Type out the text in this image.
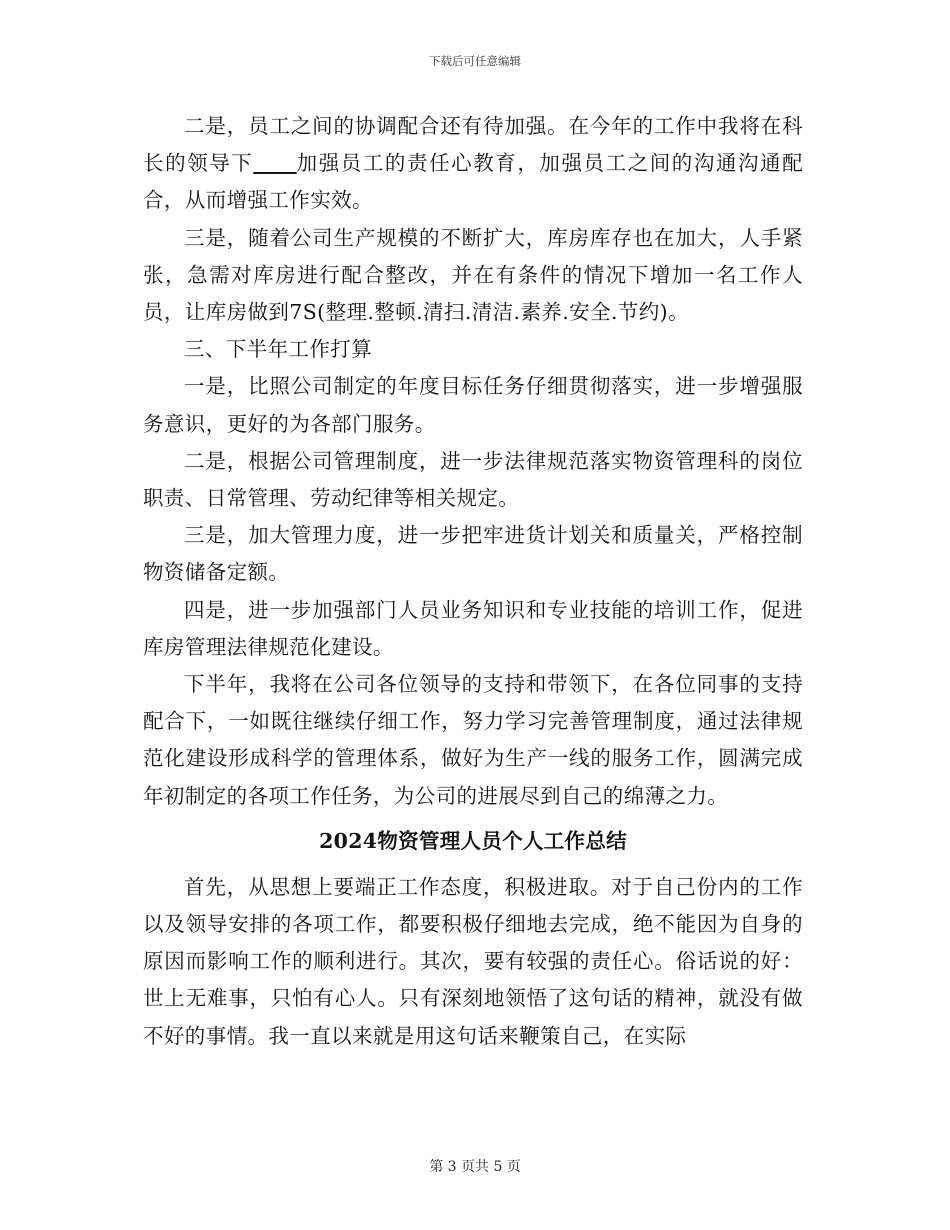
下载后可任意编辑

二是，员工之间的协调配合还有待加强。在今年的工作中我将在科长的领导下　　 加强员工的责任心教育，加强员工之间的沟通沟通配合，从而增强工作实效。

三是，随着公司生产规模的不断扩大，库房库存也在加大，人手紧张，急需对库房进行配合整改，并在有条件的情况下增加一名工作人员，让库房做到7S(整理.整顿.清扫.清洁.素养.安全.节约)。

三、下半年工作打算

一是，比照公司制定的年度目标任务仔细贯彻落实，进一步增强服务意识，更好的为各部门服务。

二是，根据公司管理制度，进一步法律规范落实物资管理科的岗位职责、日常管理、劳动纪律等相关规定。

三是，加大管理力度，进一步把牢进货计划关和质量关，严格控制物资储备定额。

四是，进一步加强部门人员业务知识和专业技能的培训工作，促进库房管理法律规范化建设。

下半年，我将在公司各位领导的支持和带领下，在各位同事的支持配合下，一如既往继续仔细工作，努力学习完善管理制度，通过法律规范化建设形成科学的管理体系，做好为生产一线的服务工作，圆满完成年初制定的各项工作任务，为公司的进展尽到自己的绵薄之力。

2024物资管理人员个人工作总结

首先，从思想上要端正工作态度，积极进取。对于自己份内的工作以及领导安排的各项工作，都要积极仔细地去完成，绝不能因为自身的原因而影响工作的顺利进行。其次，要有较强的责任心。俗话说的好：世上无难事，只怕有心人。只有深刻地领悟了这句话的精神，就没有做不好的事情。我一直以来就是用这句话来鞭策自己，在实际

第 3 页共 5 页
